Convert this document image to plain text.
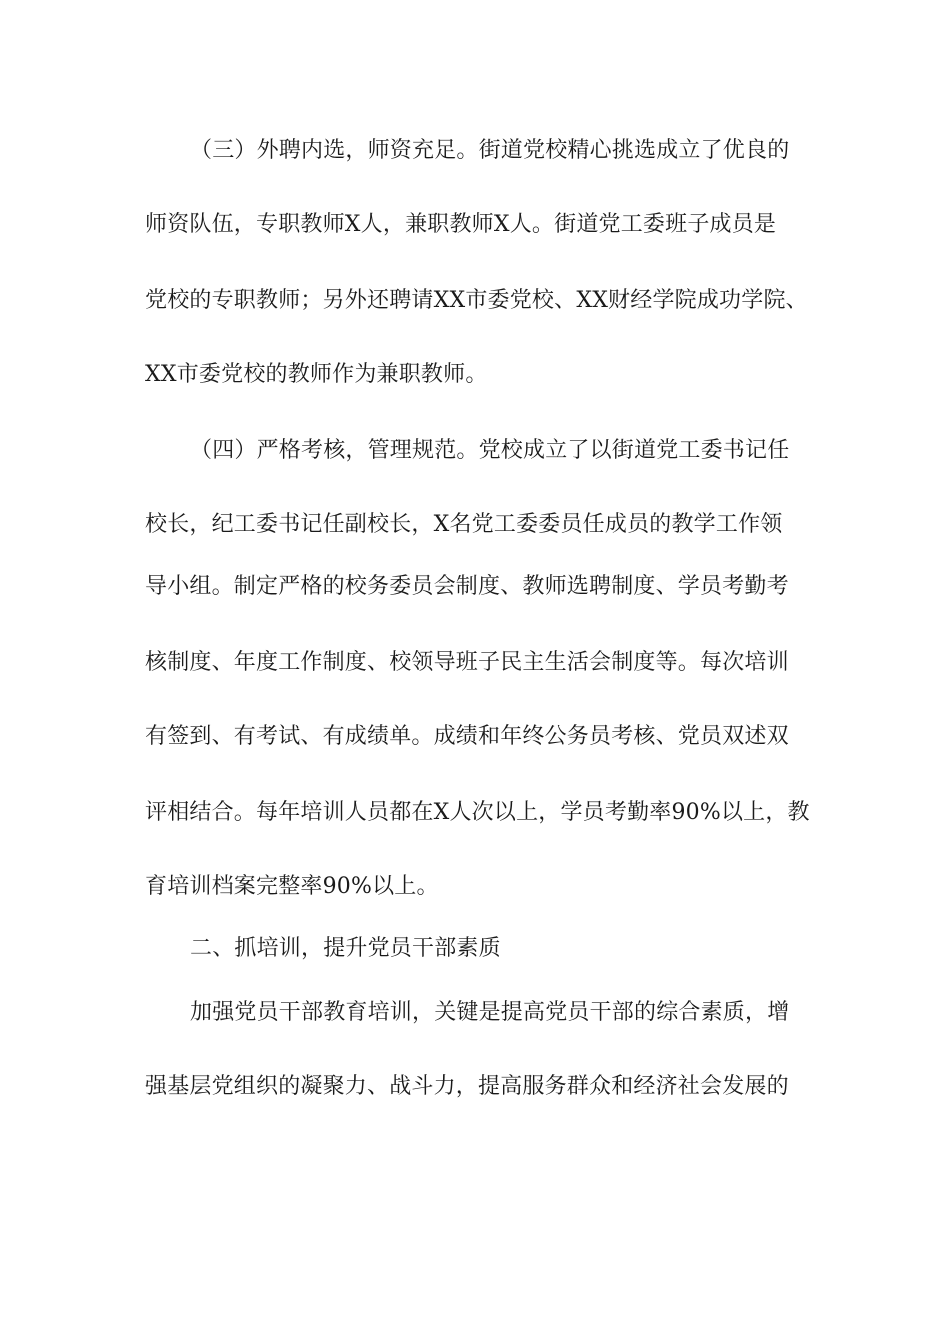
（三）外聘内选，师资充足。街道党校精心挑选成立了优良的
师资队伍，专职教师X人，兼职教师X人。街道党工委班子成员是
党校的专职教师；另外还聘请XX市委党校、XX财经学院成功学院、
XX市委党校的教师作为兼职教师。
（四）严格考核，管理规范。党校成立了以街道党工委书记任
校长，纪工委书记任副校长，X名党工委委员任成员的教学工作领
导小组。制定严格的校务委员会制度、教师选聘制度、学员考勤考
核制度、年度工作制度、校领导班子民主生活会制度等。每次培训
有签到、有考试、有成绩单。成绩和年终公务员考核、党员双述双
评相结合。每年培训人员都在X人次以上，学员考勤率90%以上，教
育培训档案完整率90%以上。
二、抓培训，提升党员干部素质
加强党员干部教育培训，关键是提高党员干部的综合素质，增
强基层党组织的凝聚力、战斗力，提高服务群众和经济社会发展的
